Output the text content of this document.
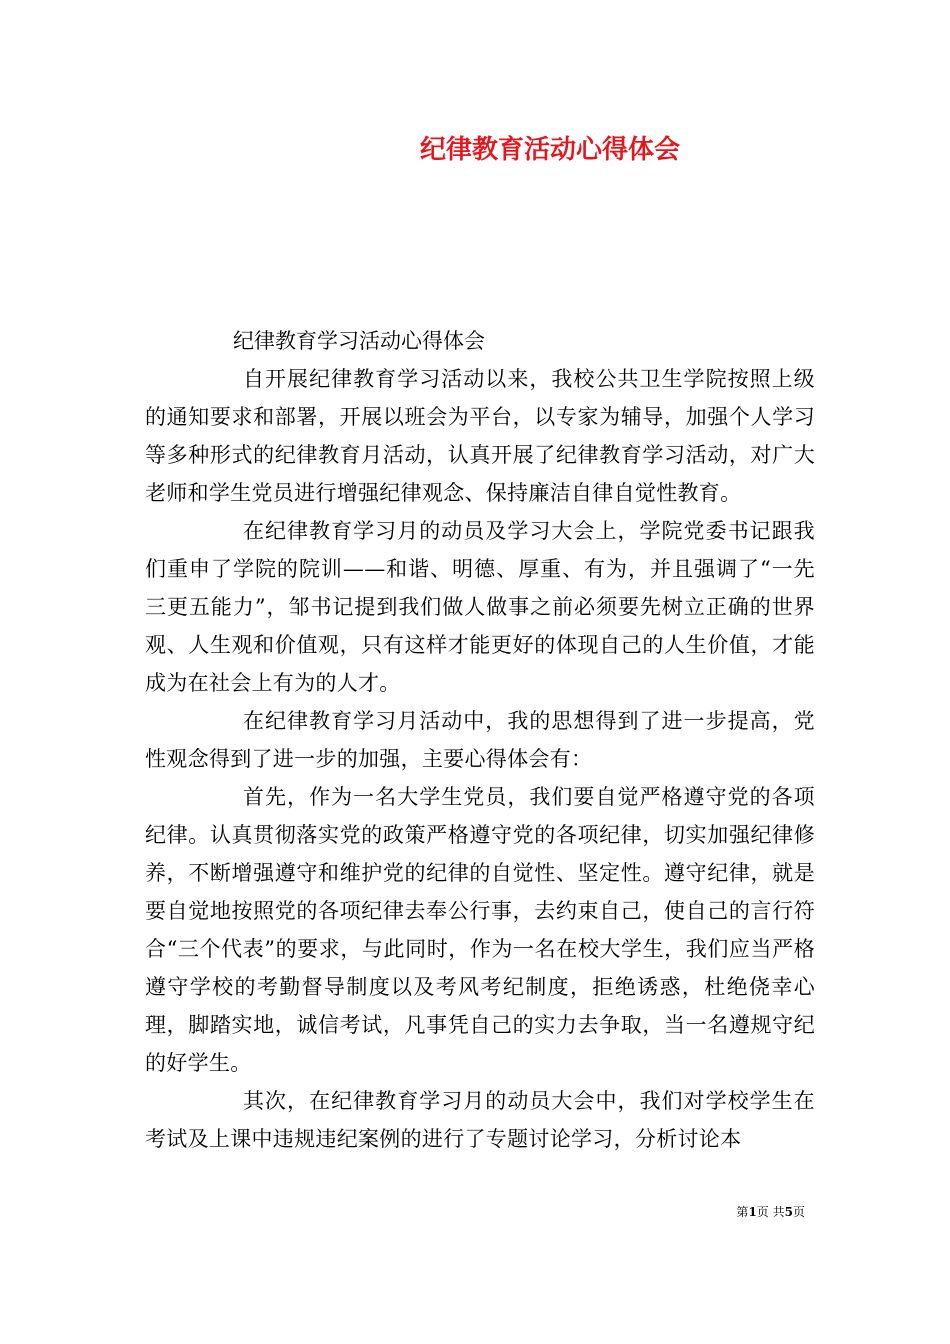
纪律教育活动心得体会

纪律教育学习活动心得体会

自开展纪律教育学习活动以来，我校公共卫生学院按照上级的通知要求和部署，开展以班会为平台，以专家为辅导，加强个人学习等多种形式的纪律教育月活动，认真开展了纪律教育学习活动，对广大老师和学生党员进行增强纪律观念、保持廉洁自律自觉性教育。

在纪律教育学习月的动员及学习大会上，学院党委书记跟我们重申了学院的院训——和谐、明德、厚重、有为，并且强调了“一先三更五能力”，邹书记提到我们做人做事之前必须要先树立正确的世界观、人生观和价值观，只有这样才能更好的体现自己的人生价值，才能成为在社会上有为的人才。

在纪律教育学习月活动中，我的思想得到了进一步提高，党性观念得到了进一步的加强，主要心得体会有：

首先，作为一名大学生党员，我们要自觉严格遵守党的各项纪律。认真贯彻落实党的政策严格遵守党的各项纪律，切实加强纪律修养，不断增强遵守和维护党的纪律的自觉性、坚定性。遵守纪律，就是要自觉地按照党的各项纪律去奉公行事，去约束自己，使自己的言行符合“三个代表”的要求，与此同时，作为一名在校大学生，我们应当严格遵守学校的考勤督导制度以及考风考纪制度，拒绝诱惑，杜绝侥幸心理，脚踏实地，诚信考试，凡事凭自己的实力去争取，当一名遵规守纪的好学生。

其次，在纪律教育学习月的动员大会中，我们对学校学生在考试及上课中违规违纪案例的进行了专题讨论学习，分析讨论本

第1页 共5页
